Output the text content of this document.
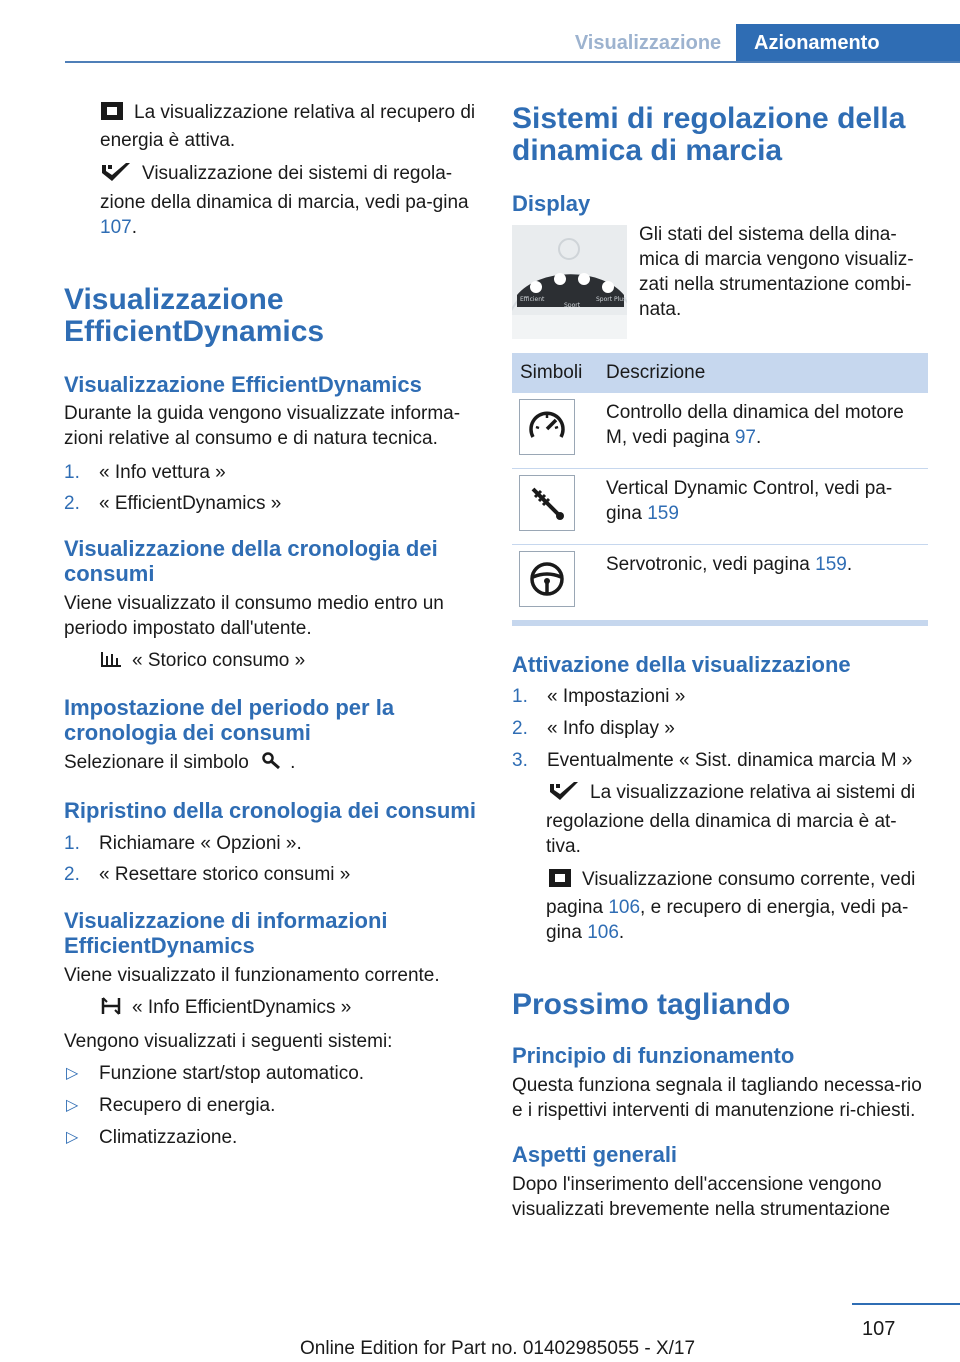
Visualizzazione	Azionamento

La visualizzazione relativa al recupero di energia è attiva.

Visualizzazione dei sistemi di regola-zione della dinamica di marcia, vedi pa-gina 107.

Visualizzazione EfficientDynamics
Visualizzazione EfficientDynamics

Durante la guida vengono visualizzate informa-zioni relative al consumo e di natura tecnica.

1. « Info vettura »
2. « EfficientDynamics »
Visualizzazione della cronologia dei consumi

Viene visualizzato il consumo medio entro un periodo impostato dall'utente.

« Storico consumo »

Impostazione del periodo per la cronologia dei consumi

Selezionare il simbolo .

Ripristino della cronologia dei consumi
1. Richiamare « Opzioni ».
2. « Resettare storico consumi »
Visualizzazione di informazioni EfficientDynamics

Viene visualizzato il funzionamento corrente.

« Info EfficientDynamics »

Vengono visualizzati i seguenti sistemi:

▷ Funzione start/stop automatico.
▷ Recupero di energia.
▷ Climatizzazione.
Sistemi di regolazione della dinamica di marcia
Display
Efficient
Sport
Sport Plus

Gli stati del sistema della dina-mica di marcia vengono visualiz-zati nella strumentazione combi-nata.

Simboli	Descrizione

	Controllo della dinamica del motore M, vedi pagina 97.

	Vertical Dynamic Control, vedi pa-gina 159

	Servotronic, vedi pagina 159.
Attivazione della visualizzazione
1. « Impostazioni »
2. « Info display »
3. Eventualmente « Sist. dinamica marcia M »

La visualizzazione relativa ai sistemi di regolazione della dinamica di marcia è at-tiva.

Visualizzazione consumo corrente, vedi pagina 106, e recupero di energia, vedi pa-gina 106.

Prossimo tagliando
Principio di funzionamento

Questa funziona segnala il tagliando necessa-rio e i rispettivi interventi di manutenzione ri-chiesti.

Aspetti generali

Dopo l'inserimento dell'accensione vengono visualizzati brevemente nella strumentazione

107
Online Edition for Part no. 01402985055 - X/17
